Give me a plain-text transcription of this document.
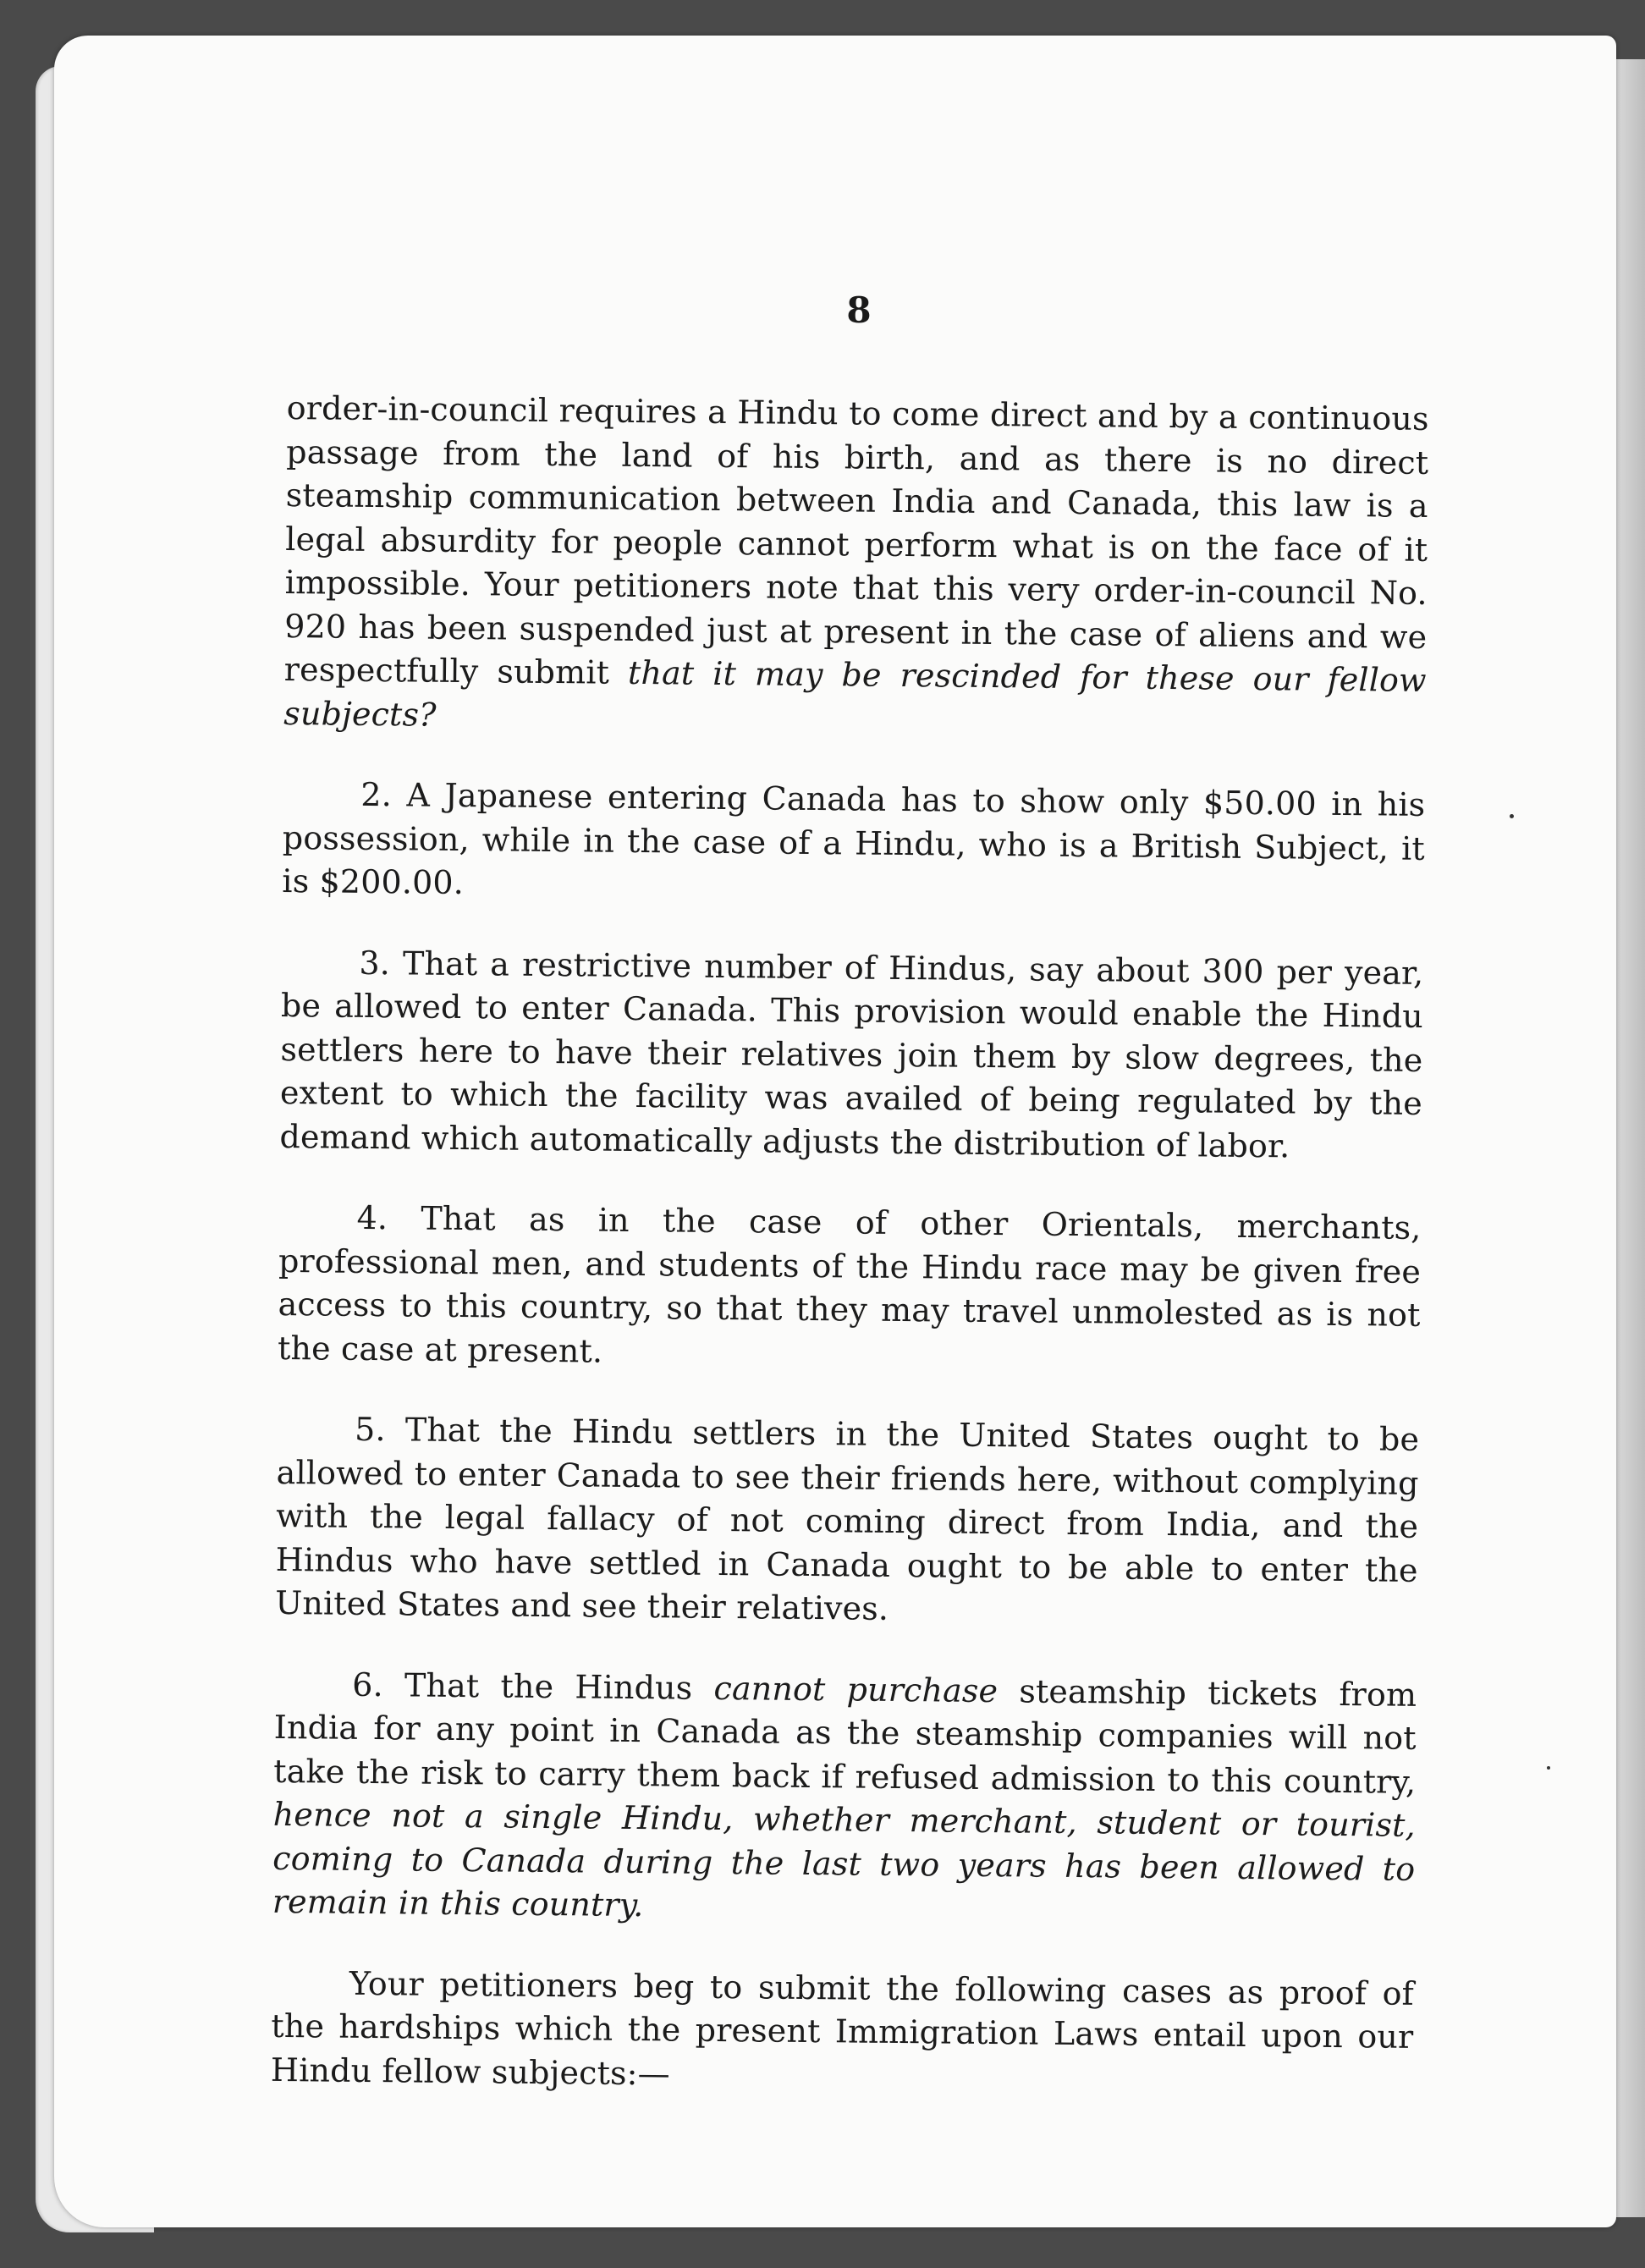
8

order-in-council requires a Hindu to come direct and by a continuous passage from the land of his birth, and as there is no direct steamship communication between India and Canada, this law is a legal absurdity for people cannot perform what is on the face of it impossible. Your petitioners note that this very order-in-council No. 920 has been suspended just at present in the case of aliens and we respectfully submit that it may be rescinded for these our fellow subjects?

2. A Japanese entering Canada has to show only $50.00 in his possession, while in the case of a Hindu, who is a British Subject, it is $200.00.

3. That a restrictive number of Hindus, say about 300 per year, be allowed to enter Canada. This provision would enable the Hindu settlers here to have their relatives join them by slow degrees, the extent to which the facility was availed of being regulated by the demand which automatically adjusts the distribution of labor.

4. That as in the case of other Orientals, merchants, professional men, and students of the Hindu race may be given free access to this country, so that they may travel unmolested as is not the case at present.

5. That the Hindu settlers in the United States ought to be allowed to enter Canada to see their friends here, without complying with the legal fallacy of not coming direct from India, and the Hindus who have settled in Canada ought to be able to enter the United States and see their relatives.

6. That the Hindus cannot purchase steamship tickets from India for any point in Canada as the steamship companies will not take the risk to carry them back if refused admission to this country, hence not a single Hindu, whether merchant, student or tourist, coming to Canada during the last two years has been allowed to remain in this country.

Your petitioners beg to submit the following cases as proof of the hardships which the present Immigration Laws entail upon our Hindu fellow subjects:—
